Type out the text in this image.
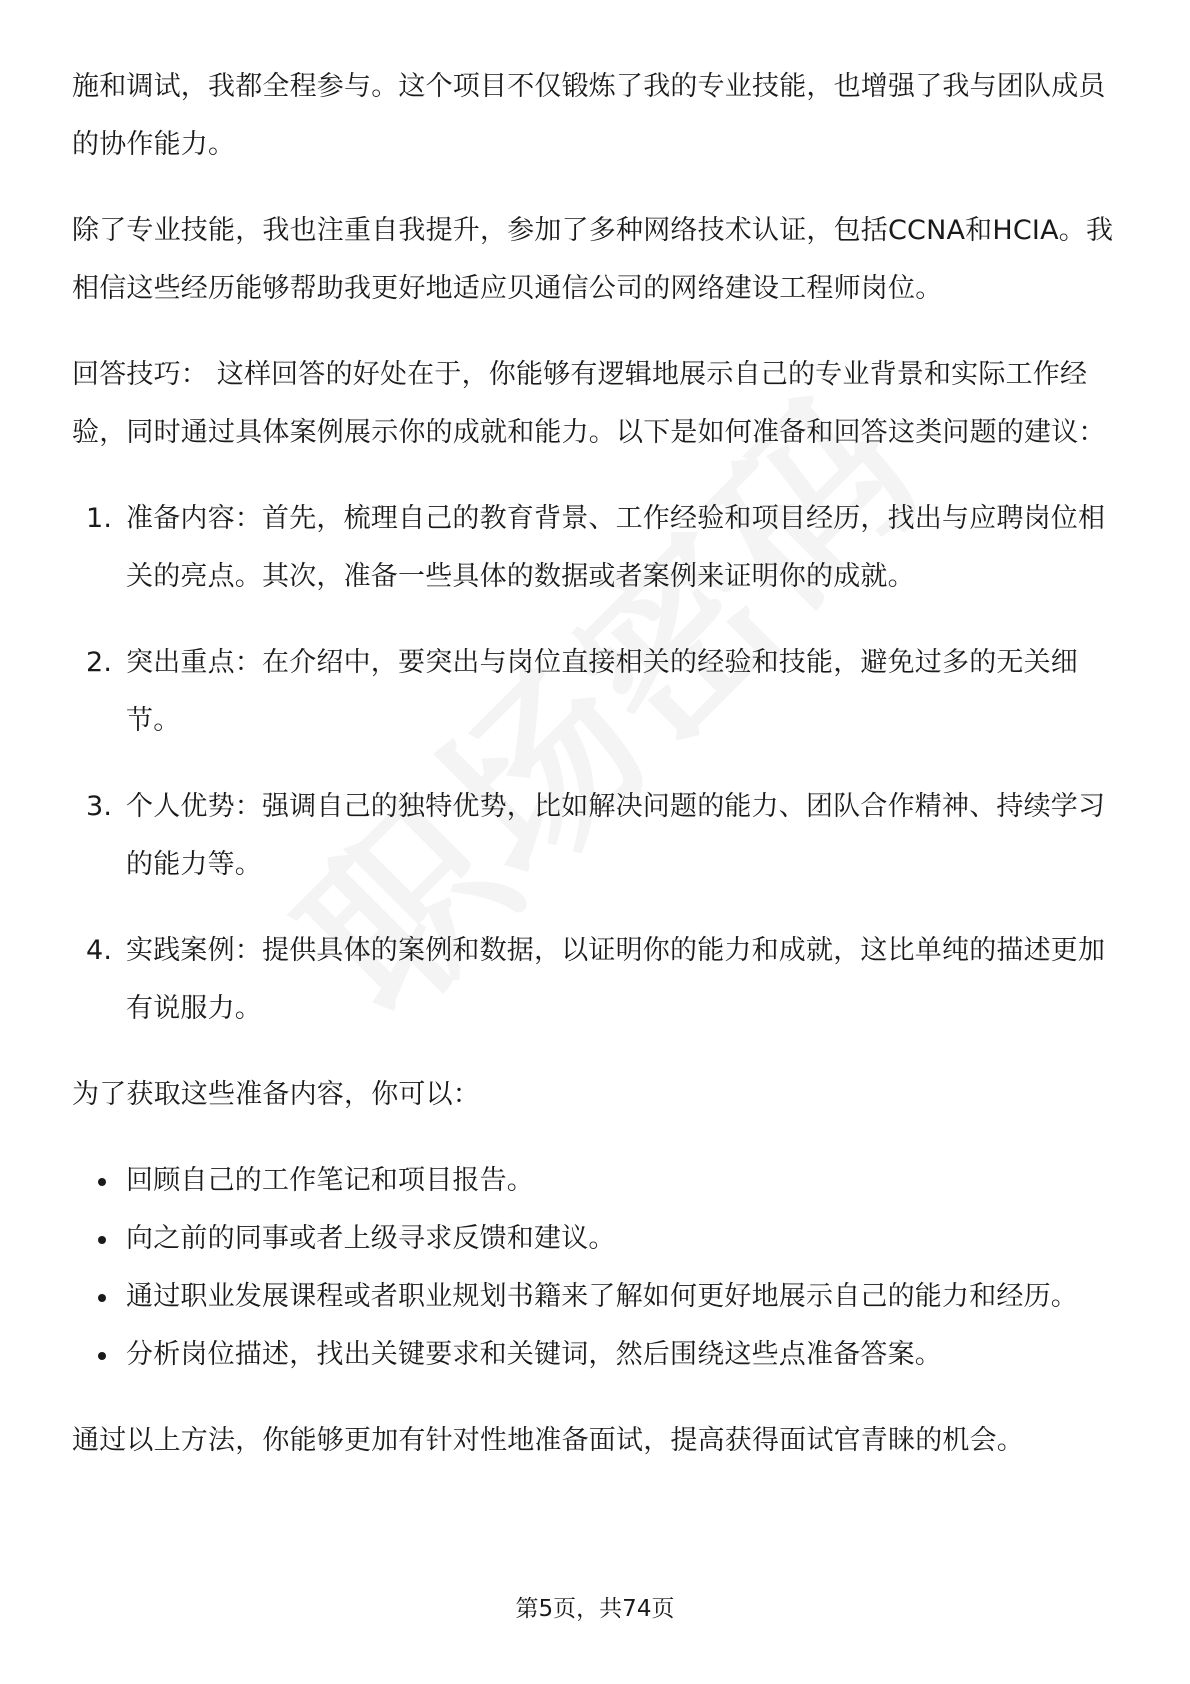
施和调试，我都全程参与。这个项目不仅锻炼了我的专业技能，也增强了我与团队成员的协作能力。

除了专业技能，我也注重自我提升，参加了多种网络技术认证，包括CCNA和HCIA。我相信这些经历能够帮助我更好地适应贝通信公司的网络建设工程师岗位。

回答技巧： 这样回答的好处在于，你能够有逻辑地展示自己的专业背景和实际工作经验，同时通过具体案例展示你的成就和能力。以下是如何准备和回答这类问题的建议：

1. 准备内容：首先，梳理自己的教育背景、工作经验和项目经历，找出与应聘岗位相关的亮点。其次，准备一些具体的数据或者案例来证明你的成就。
2. 突出重点：在介绍中，要突出与岗位直接相关的经验和技能，避免过多的无关细节。
3. 个人优势：强调自己的独特优势，比如解决问题的能力、团队合作精神、持续学习的能力等。
4. 实践案例：提供具体的案例和数据，以证明你的能力和成就，这比单纯的描述更加有说服力。

为了获取这些准备内容，你可以：

回顾自己的工作笔记和项目报告。
向之前的同事或者上级寻求反馈和建议。
通过职业发展课程或者职业规划书籍来了解如何更好地展示自己的能力和经历。
分析岗位描述，找出关键要求和关键词，然后围绕这些点准备答案。

通过以上方法，你能够更加有针对性地准备面试，提高获得面试官青睐的机会。

第5页，共74页
